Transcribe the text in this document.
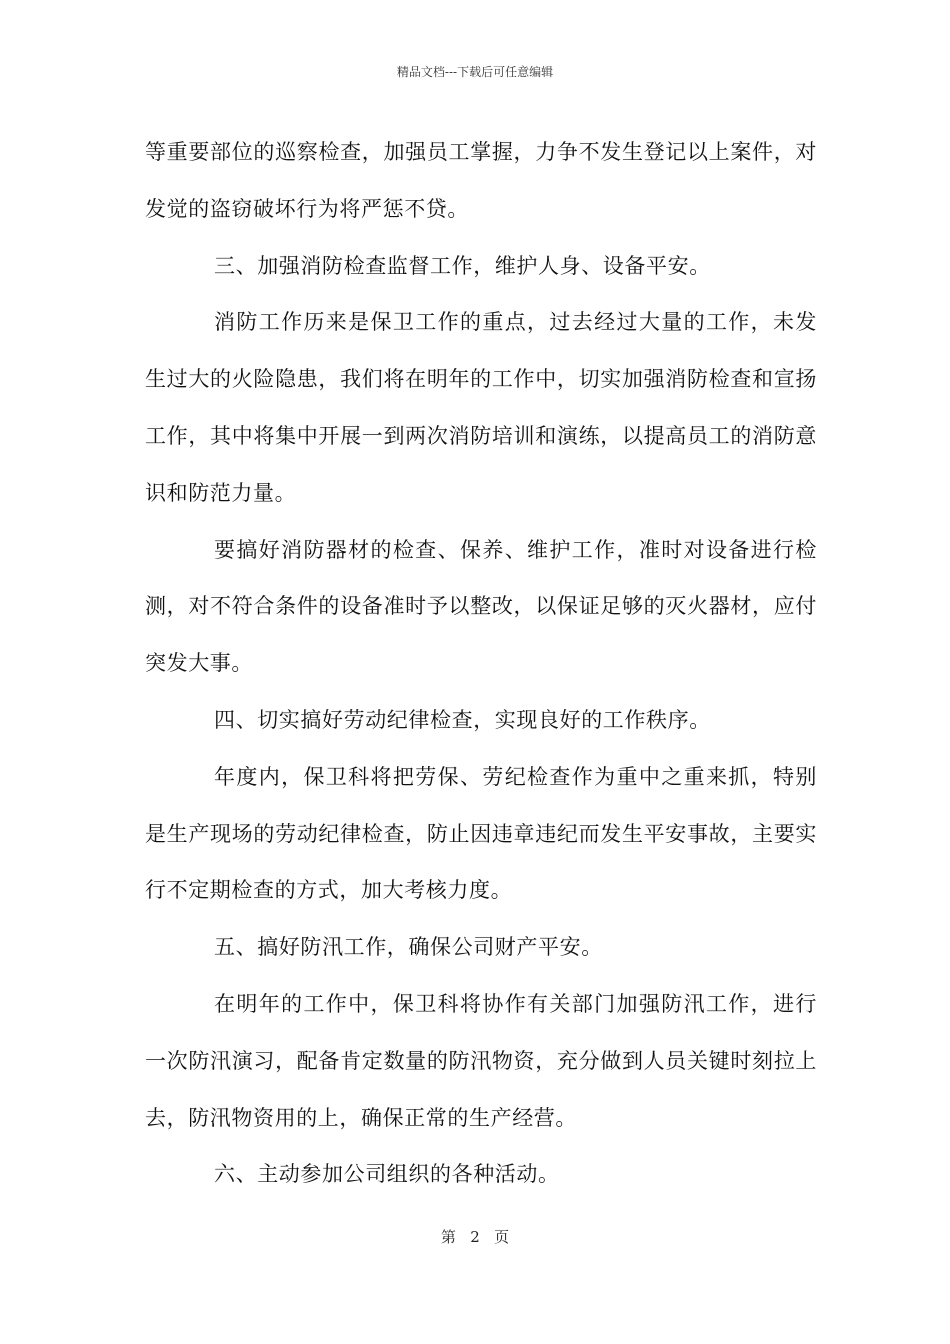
精品文档---下载后可任意编辑

等重要部位的巡察检查，加强员工掌握，力争不发生登记以上案件，对发觉的盗窃破坏行为将严惩不贷。

三、加强消防检查监督工作，维护人身、设备平安。

消防工作历来是保卫工作的重点，过去经过大量的工作，未发生过大的火险隐患，我们将在明年的工作中，切实加强消防检查和宣扬工作，其中将集中开展一到两次消防培训和演练，以提高员工的消防意识和防范力量。

要搞好消防器材的检查、保养、维护工作，准时对设备进行检测，对不符合条件的设备准时予以整改，以保证足够的灭火器材，应付突发大事。

四、切实搞好劳动纪律检查，实现良好的工作秩序。

年度内，保卫科将把劳保、劳纪检查作为重中之重来抓，特别是生产现场的劳动纪律检查，防止因违章违纪而发生平安事故，主要实行不定期检查的方式，加大考核力度。

五、搞好防汛工作，确保公司财产平安。

在明年的工作中，保卫科将协作有关部门加强防汛工作，进行一次防汛演习，配备肯定数量的防汛物资，充分做到人员关键时刻拉上去，防汛物资用的上，确保正常的生产经营。

六、主动参加公司组织的各种活动。

第 2 页
